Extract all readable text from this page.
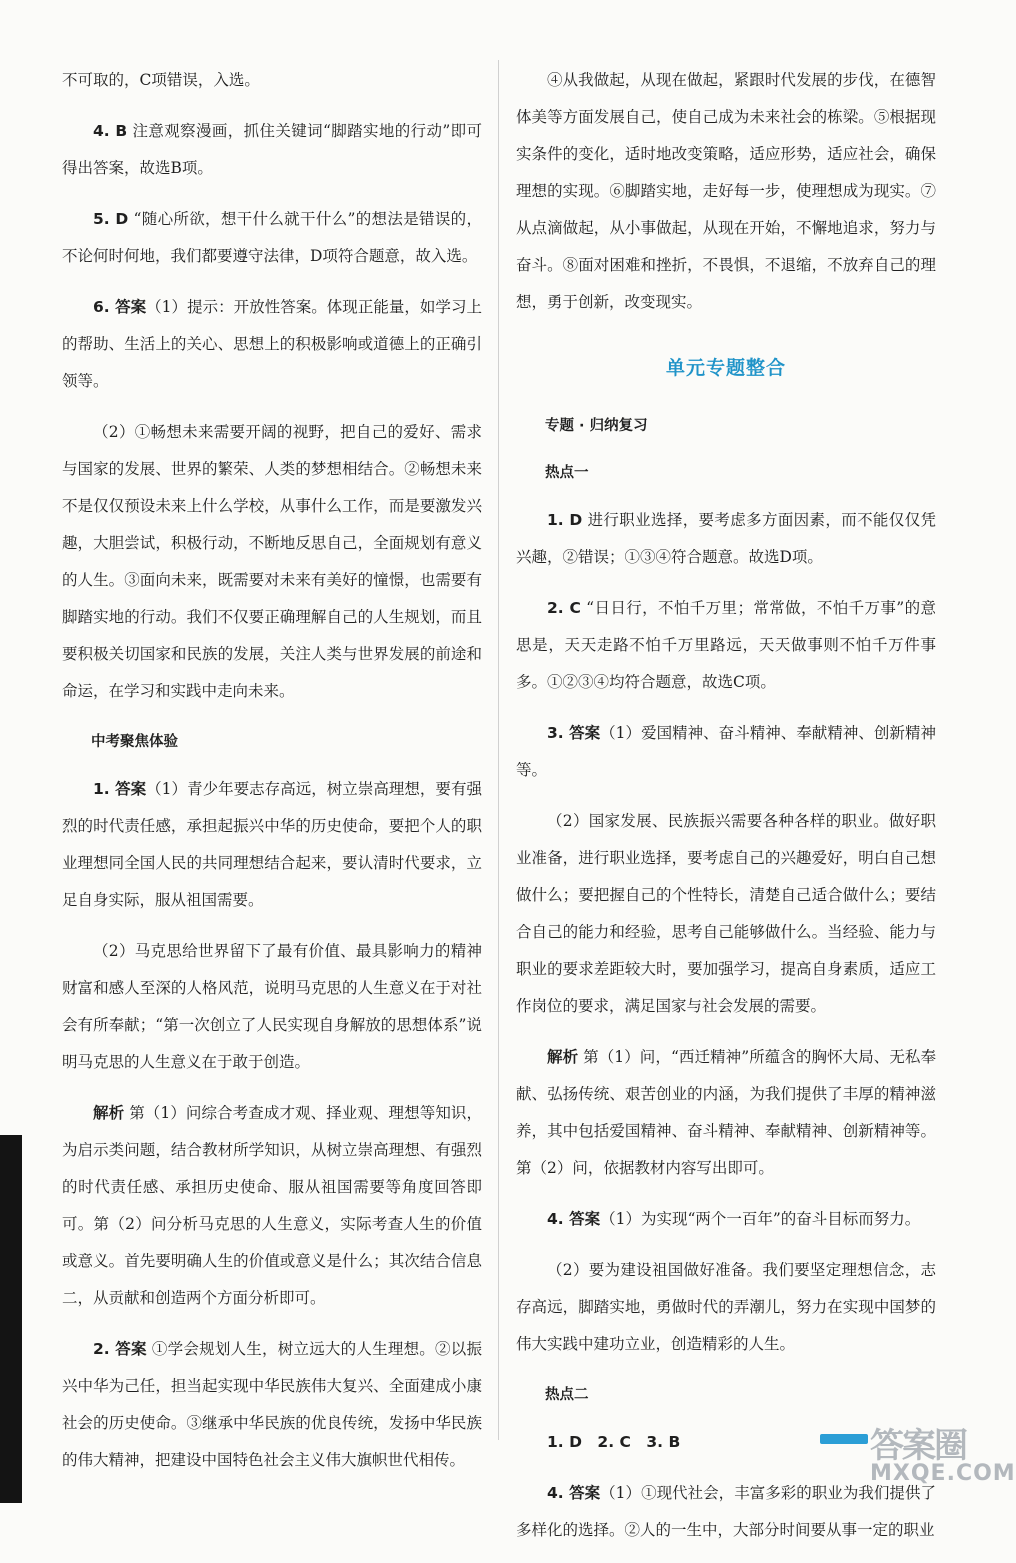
不可取的，C项错误，入选。

4. B 注意观察漫画，抓住关键词“脚踏实地的行动”即可得出答案，故选B项。

5. D “随心所欲，想干什么就干什么”的想法是错误的，不论何时何地，我们都要遵守法律，D项符合题意，故入选。

6. 答案（1）提示：开放性答案。体现正能量，如学习上的帮助、生活上的关心、思想上的积极影响或道德上的正确引领等。

（2）①畅想未来需要开阔的视野，把自己的爱好、需求与国家的发展、世界的繁荣、人类的梦想相结合。②畅想未来不是仅仅预设未来上什么学校，从事什么工作，而是要激发兴趣，大胆尝试，积极行动，不断地反思自己，全面规划有意义的人生。③面向未来，既需要对未来有美好的憧憬，也需要有脚踏实地的行动。我们不仅要正确理解自己的人生规划，而且要积极关切国家和民族的发展，关注人类与世界发展的前途和命运，在学习和实践中走向未来。

中考聚焦体验

1. 答案（1）青少年要志存高远，树立崇高理想，要有强烈的时代责任感，承担起振兴中华的历史使命，要把个人的职业理想同全国人民的共同理想结合起来，要认清时代要求，立足自身实际，服从祖国需要。

（2）马克思给世界留下了最有价值、最具影响力的精神财富和感人至深的人格风范，说明马克思的人生意义在于对社会有所奉献；“第一次创立了人民实现自身解放的思想体系”说明马克思的人生意义在于敢于创造。

解析 第（1）问综合考查成才观、择业观、理想等知识，为启示类问题，结合教材所学知识，从树立崇高理想、有强烈的时代责任感、承担历史使命、服从祖国需要等角度回答即可。第（2）问分析马克思的人生意义，实际考查人生的价值或意义。首先要明确人生的价值或意义是什么；其次结合信息二，从贡献和创造两个方面分析即可。

2. 答案 ①学会规划人生，树立远大的人生理想。②以振兴中华为己任，担当起实现中华民族伟大复兴、全面建成小康社会的历史使命。③继承中华民族的优良传统，发扬中华民族的伟大精神，把建设中国特色社会主义伟大旗帜世代相传。

④从我做起，从现在做起，紧跟时代发展的步伐，在德智体美等方面发展自己，使自己成为未来社会的栋梁。⑤根据现实条件的变化，适时地改变策略，适应形势，适应社会，确保理想的实现。⑥脚踏实地，走好每一步，使理想成为现实。⑦从点滴做起，从小事做起，从现在开始，不懈地追求，努力与奋斗。⑧面对困难和挫折，不畏惧，不退缩，不放弃自己的理想，勇于创新，改变现实。

单元专题整合

专题 · 归纳复习

热点一

1. D 进行职业选择，要考虑多方面因素，而不能仅仅凭兴趣，②错误；①③④符合题意。故选D项。

2. C “日日行，不怕千万里；常常做，不怕千万事”的意思是，天天走路不怕千万里路远，天天做事则不怕千万件事多。①②③④均符合题意，故选C项。

3. 答案（1）爱国精神、奋斗精神、奉献精神、创新精神等。

（2）国家发展、民族振兴需要各种各样的职业。做好职业准备，进行职业选择，要考虑自己的兴趣爱好，明白自己想做什么；要把握自己的个性特长，清楚自己适合做什么；要结合自己的能力和经验，思考自己能够做什么。当经验、能力与职业的要求差距较大时，要加强学习，提高自身素质，适应工作岗位的要求，满足国家与社会发展的需要。

解析 第（1）问，“西迁精神”所蕴含的胸怀大局、无私奉献、弘扬传统、艰苦创业的内涵，为我们提供了丰厚的精神滋养，其中包括爱国精神、奋斗精神、奉献精神、创新精神等。第（2）问，依据教材内容写出即可。

4. 答案（1）为实现“两个一百年”的奋斗目标而努力。

（2）要为建设祖国做好准备。我们要坚定理想信念，志存高远，脚踏实地，勇做时代的弄潮儿，努力在实现中国梦的伟大实践中建功立业，创造精彩的人生。

热点二

1. D　2. C　3. B

4. 答案（1）①现代社会，丰富多彩的职业为我们提供了多样化的选择。②人的一生中，大部分时间要从事一定的职业

答案圈
MXQE.COM
